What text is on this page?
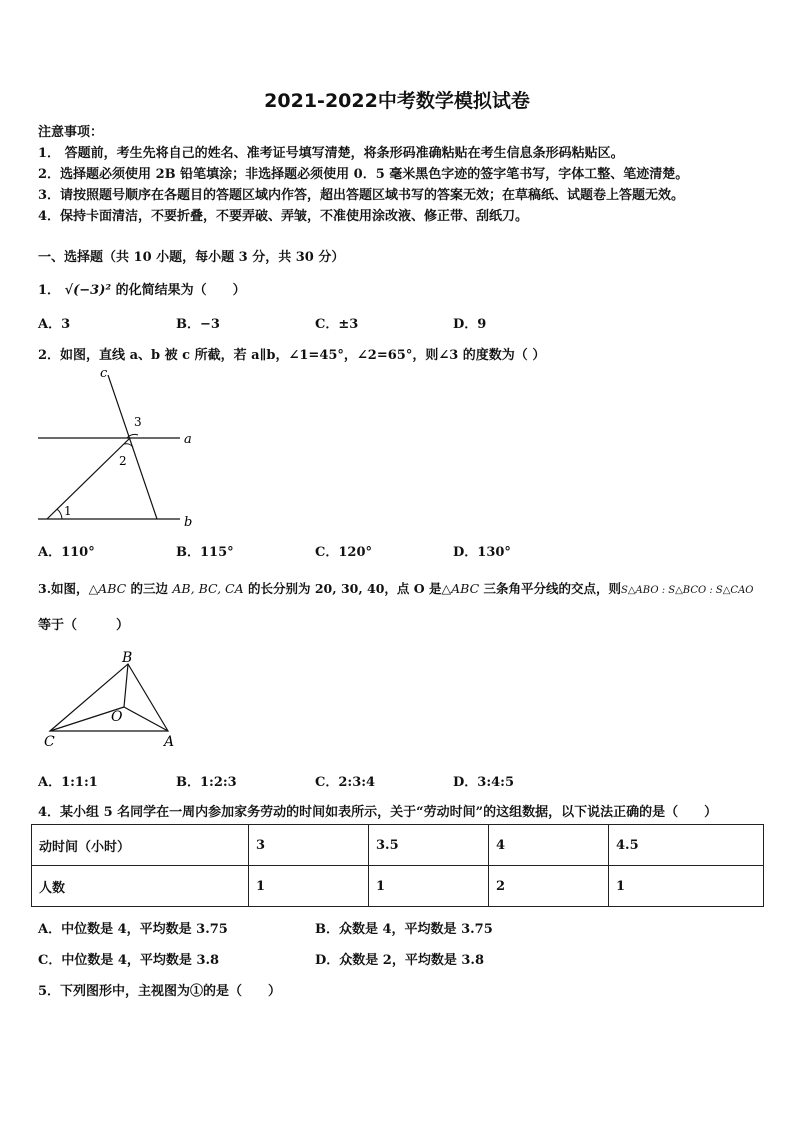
2021-2022中考数学模拟试卷
注意事项：
1． 答题前，考生先将自己的姓名、准考证号填写清楚，将条形码准确粘贴在考生信息条形码粘贴区。
2．选择题必须使用 2B 铅笔填涂；非选择题必须使用 0．5 毫米黑色字迹的签字笔书写，字体工整、笔迹清楚。
3．请按照题号顺序在各题目的答题区域内作答，超出答题区域书写的答案无效；在草稿纸、试题卷上答题无效。
4．保持卡面清洁，不要折叠，不要弄破、弄皱，不准使用涂改液、修正带、刮纸刀。
一、选择题（共 10 小题，每小题 3 分，共 30 分）
1． √(−3)² 的化简结果为（　　）
A．3	B．−3	C．±3	D．9
2．如图，直线 a、b 被 c 所截，若 a∥b，∠1=45°，∠2=65°，则∠3 的度数为（ ）
c
a
b
1
2
3
A．110°	B．115°	C．120°	D．130°
3.如图，△ABC 的三边 AB, BC, CA 的长分别为 20, 30, 40，点 O 是△ABC 三条角平分线的交点，则S△ABO : S△BCO : S△CAO
等于（　　　）
B
O
C	A
A．1:1:1	B．1:2:3	C．2:3:4	D．3:4:5
4．某小组 5 名同学在一周内参加家务劳动的时间如表所示，关于“劳动时间”的这组数据，以下说法正确的是（　　）
动时间（小时）	3	3.5	4	4.5
人数	1	1	2	1
A．中位数是 4，平均数是 3.75	B．众数是 4，平均数是 3.75
C．中位数是 4，平均数是 3.8	D．众数是 2，平均数是 3.8
5．下列图形中，主视图为①的是（　　）
